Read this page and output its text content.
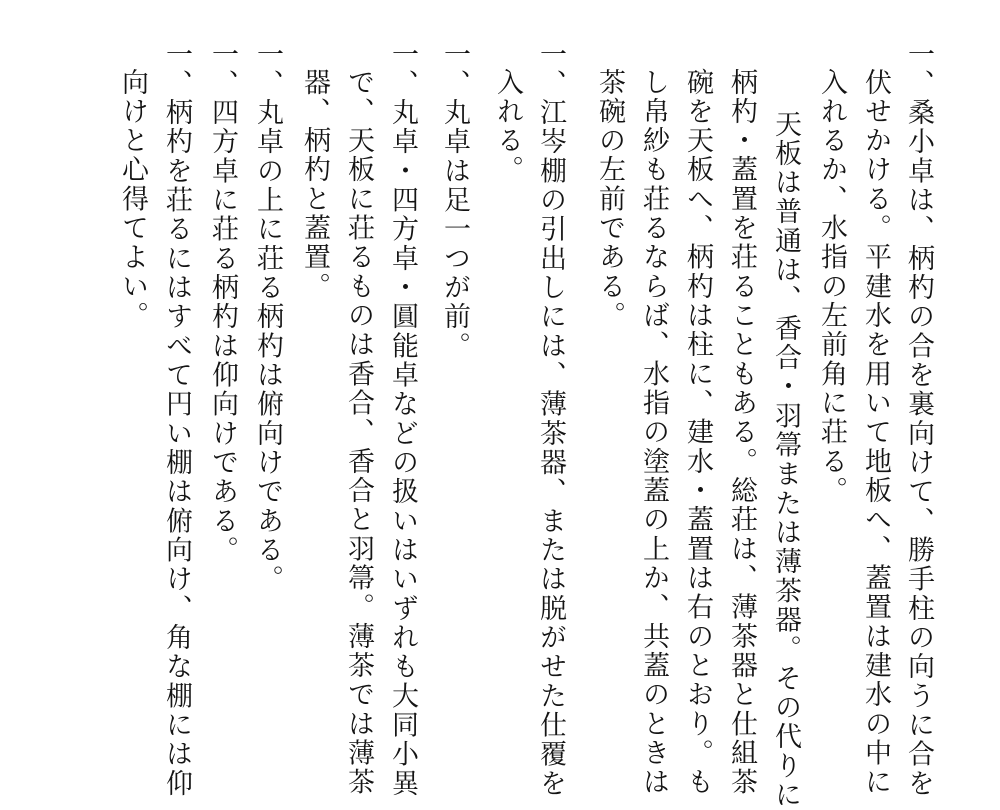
一、桑小卓は、柄杓の合を裏向けて、勝手柱の向うに合を
伏せかける。平建水を用いて地板へ、蓋置は建水の中に
入れるか、水指の左前角に荘る。
天板は普通は、香合・羽箒または薄茶器。その代りに
柄杓・蓋置を荘ることもある。総荘は、薄茶器と仕組茶
碗を天板へ、柄杓は柱に、建水・蓋置は右のとおり。も
し帛紗も荘るならば、水指の塗蓋の上か、共蓋のときは
茶碗の左前である。
一、江岑棚の引出しには、薄茶器、または脱がせた仕覆を
入れる。
一、丸卓は足一つが前。
一、丸卓・四方卓・圓能卓などの扱いはいずれも大同小異
で、天板に荘るものは香合、香合と羽箒。薄茶では薄茶
器、柄杓と蓋置。
一、丸卓の上に荘る柄杓は俯向けである。
一、四方卓に荘る柄杓は仰向けである。
一、柄杓を荘るにはすべて円い棚は俯向け、角な棚には仰
向けと心得てよい。
